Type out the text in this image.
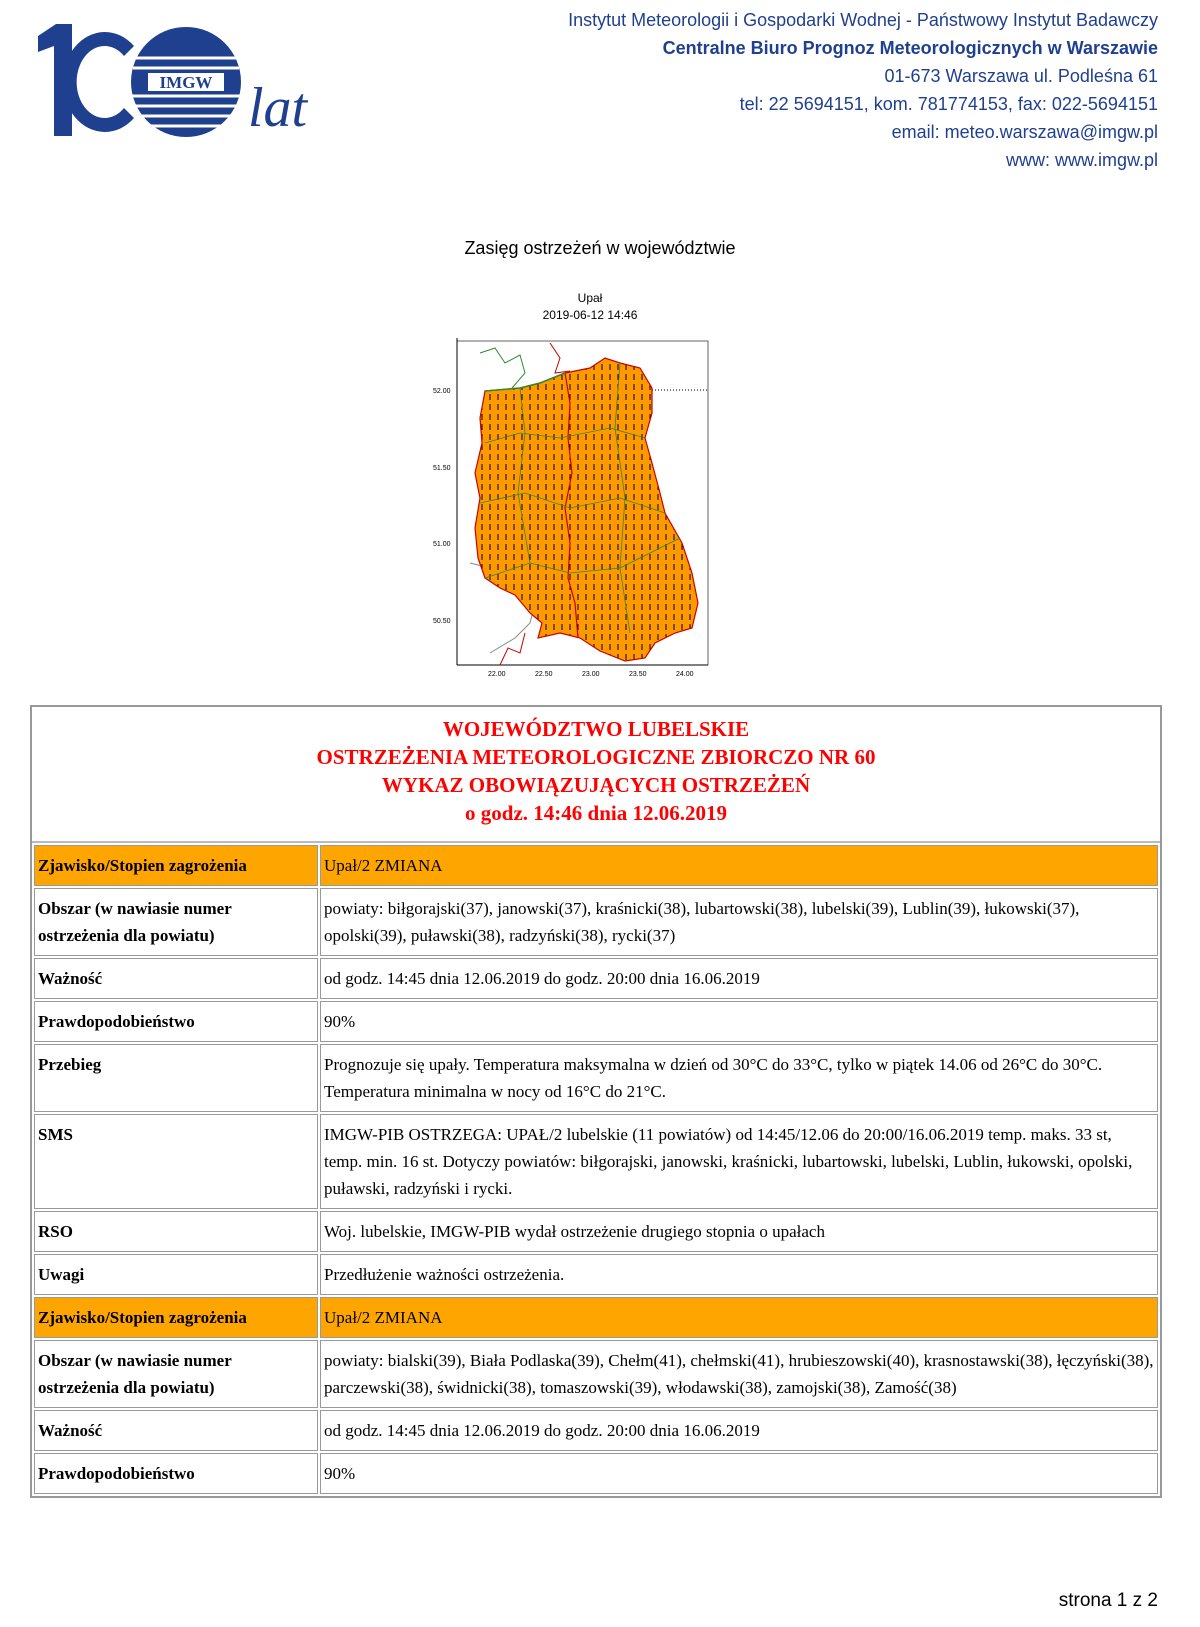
IMGW lat
Instytut Meteorologii i Gospodarki Wodnej - Państwowy Instytut Badawczy
Centralne Biuro Prognoz Meteorologicznych w Warszawie
01-673 Warszawa ul. Podleśna 61
tel: 22 5694151, kom. 781774153, fax: 022-5694151
email: meteo.warszawa@imgw.pl
www: www.imgw.pl
Zasięg ostrzeżeń w województwie
Upał
2019-06-12 14:46
52.00
51.50
51.00
50.50
22.00	22.50	23.00	23.50	24.00
WOJEWÓDZTWO LUBELSKIE
OSTRZEŻENIA METEOROLOGICZNE ZBIORCZO NR 60
WYKAZ OBOWIĄZUJĄCYCH OSTRZEŻEŃ
o godz. 14:46 dnia 12.06.2019
Zjawisko/Stopien zagrożenia	Upał/2 ZMIANA
Obszar (w nawiasie numer ostrzeżenia dla powiatu)	powiaty: biłgorajski(37), janowski(37), kraśnicki(38), lubartowski(38), lubelski(39), Lublin(39), łukowski(37), opolski(39), puławski(38), radzyński(38), rycki(37)
Ważność	od godz. 14:45 dnia 12.06.2019 do godz. 20:00 dnia 16.06.2019
Prawdopodobieństwo	90%
Przebieg	Prognozuje się upały. Temperatura maksymalna w dzień od 30°C do 33°C, tylko w piątek 14.06 od 26°C do 30°C. Temperatura minimalna w nocy od 16°C do 21°C.
SMS	IMGW-PIB OSTRZEGA: UPAŁ/2 lubelskie (11 powiatów) od 14:45/12.06 do 20:00/16.06.2019 temp. maks. 33 st, temp. min. 16 st. Dotyczy powiatów: biłgorajski, janowski, kraśnicki, lubartowski, lubelski, Lublin, łukowski, opolski, puławski, radzyński i rycki.
RSO	Woj. lubelskie, IMGW-PIB wydał ostrzeżenie drugiego stopnia o upałach
Uwagi	Przedłużenie ważności ostrzeżenia.
Zjawisko/Stopien zagrożenia	Upał/2 ZMIANA
Obszar (w nawiasie numer ostrzeżenia dla powiatu)	powiaty: bialski(39), Biała Podlaska(39), Chełm(41), chełmski(41), hrubieszowski(40), krasnostawski(38), łęczyński(38), parczewski(38), świdnicki(38), tomaszowski(39), włodawski(38), zamojski(38), Zamość(38)
Ważność	od godz. 14:45 dnia 12.06.2019 do godz. 20:00 dnia 16.06.2019
Prawdopodobieństwo	90%
strona 1 z 2
